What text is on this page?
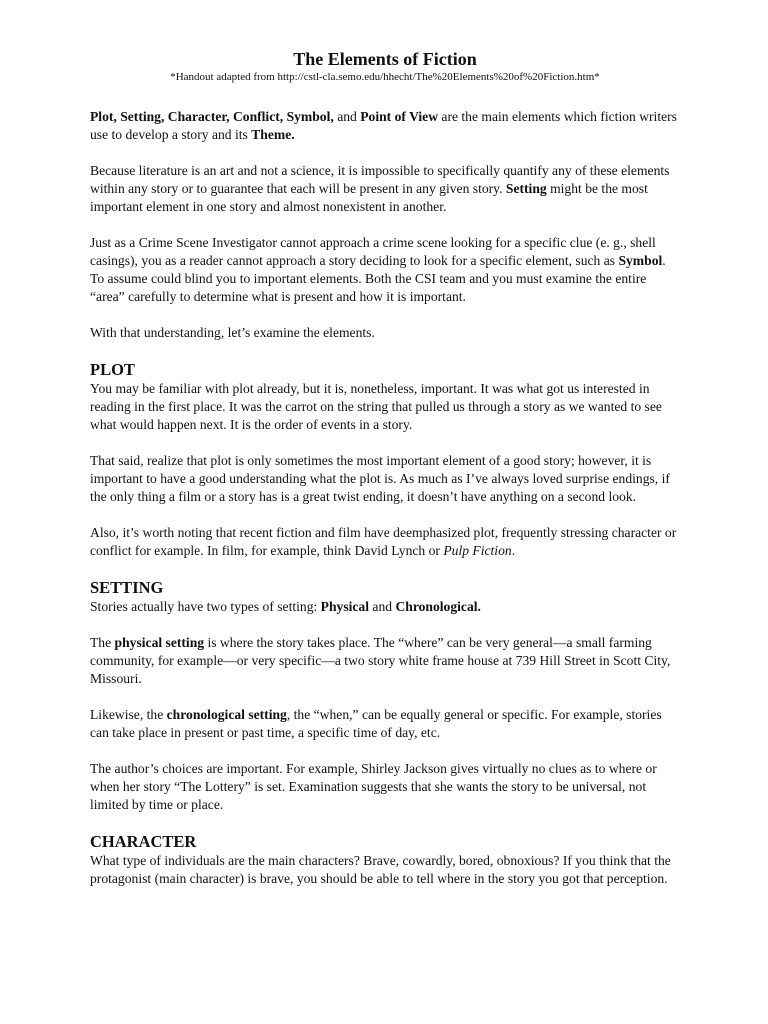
The Elements of Fiction

*Handout adapted from http://cstl-cla.semo.edu/hhecht/The%20Elements%20of%20Fiction.htm*

Plot, Setting, Character, Conflict, Symbol, and Point of View are the main elements which fiction writers use to develop a story and its Theme.

Because literature is an art and not a science, it is impossible to specifically quantify any of these elements within any story or to guarantee that each will be present in any given story. Setting might be the most important element in one story and almost nonexistent in another.

Just as a Crime Scene Investigator cannot approach a crime scene looking for a specific clue (e. g., shell casings), you as a reader cannot approach a story deciding to look for a specific element, such as Symbol. To assume could blind you to important elements. Both the CSI team and you must examine the entire “area” carefully to determine what is present and how it is important.

With that understanding, let’s examine the elements.

PLOT

You may be familiar with plot already, but it is, nonetheless, important. It was what got us interested in reading in the first place. It was the carrot on the string that pulled us through a story as we wanted to see what would happen next. It is the order of events in a story.

That said, realize that plot is only sometimes the most important element of a good story; however, it is important to have a good understanding what the plot is. As much as I’ve always loved surprise endings, if the only thing a film or a story has is a great twist ending, it doesn’t have anything on a second look.

Also, it’s worth noting that recent fiction and film have deemphasized plot, frequently stressing character or conflict for example. In film, for example, think David Lynch or Pulp Fiction.

SETTING

Stories actually have two types of setting: Physical and Chronological.

The physical setting is where the story takes place. The “where” can be very general—a small farming community, for example—or very specific—a two story white frame house at 739 Hill Street in Scott City, Missouri.

Likewise, the chronological setting, the “when,” can be equally general or specific. For example, stories can take place in present or past time, a specific time of day, etc.

The author’s choices are important. For example, Shirley Jackson gives virtually no clues as to where or when her story “The Lottery” is set. Examination suggests that she wants the story to be universal, not limited by time or place.

CHARACTER

What type of individuals are the main characters? Brave, cowardly, bored, obnoxious? If you think that the protagonist (main character) is brave, you should be able to tell where in the story you got that perception.
